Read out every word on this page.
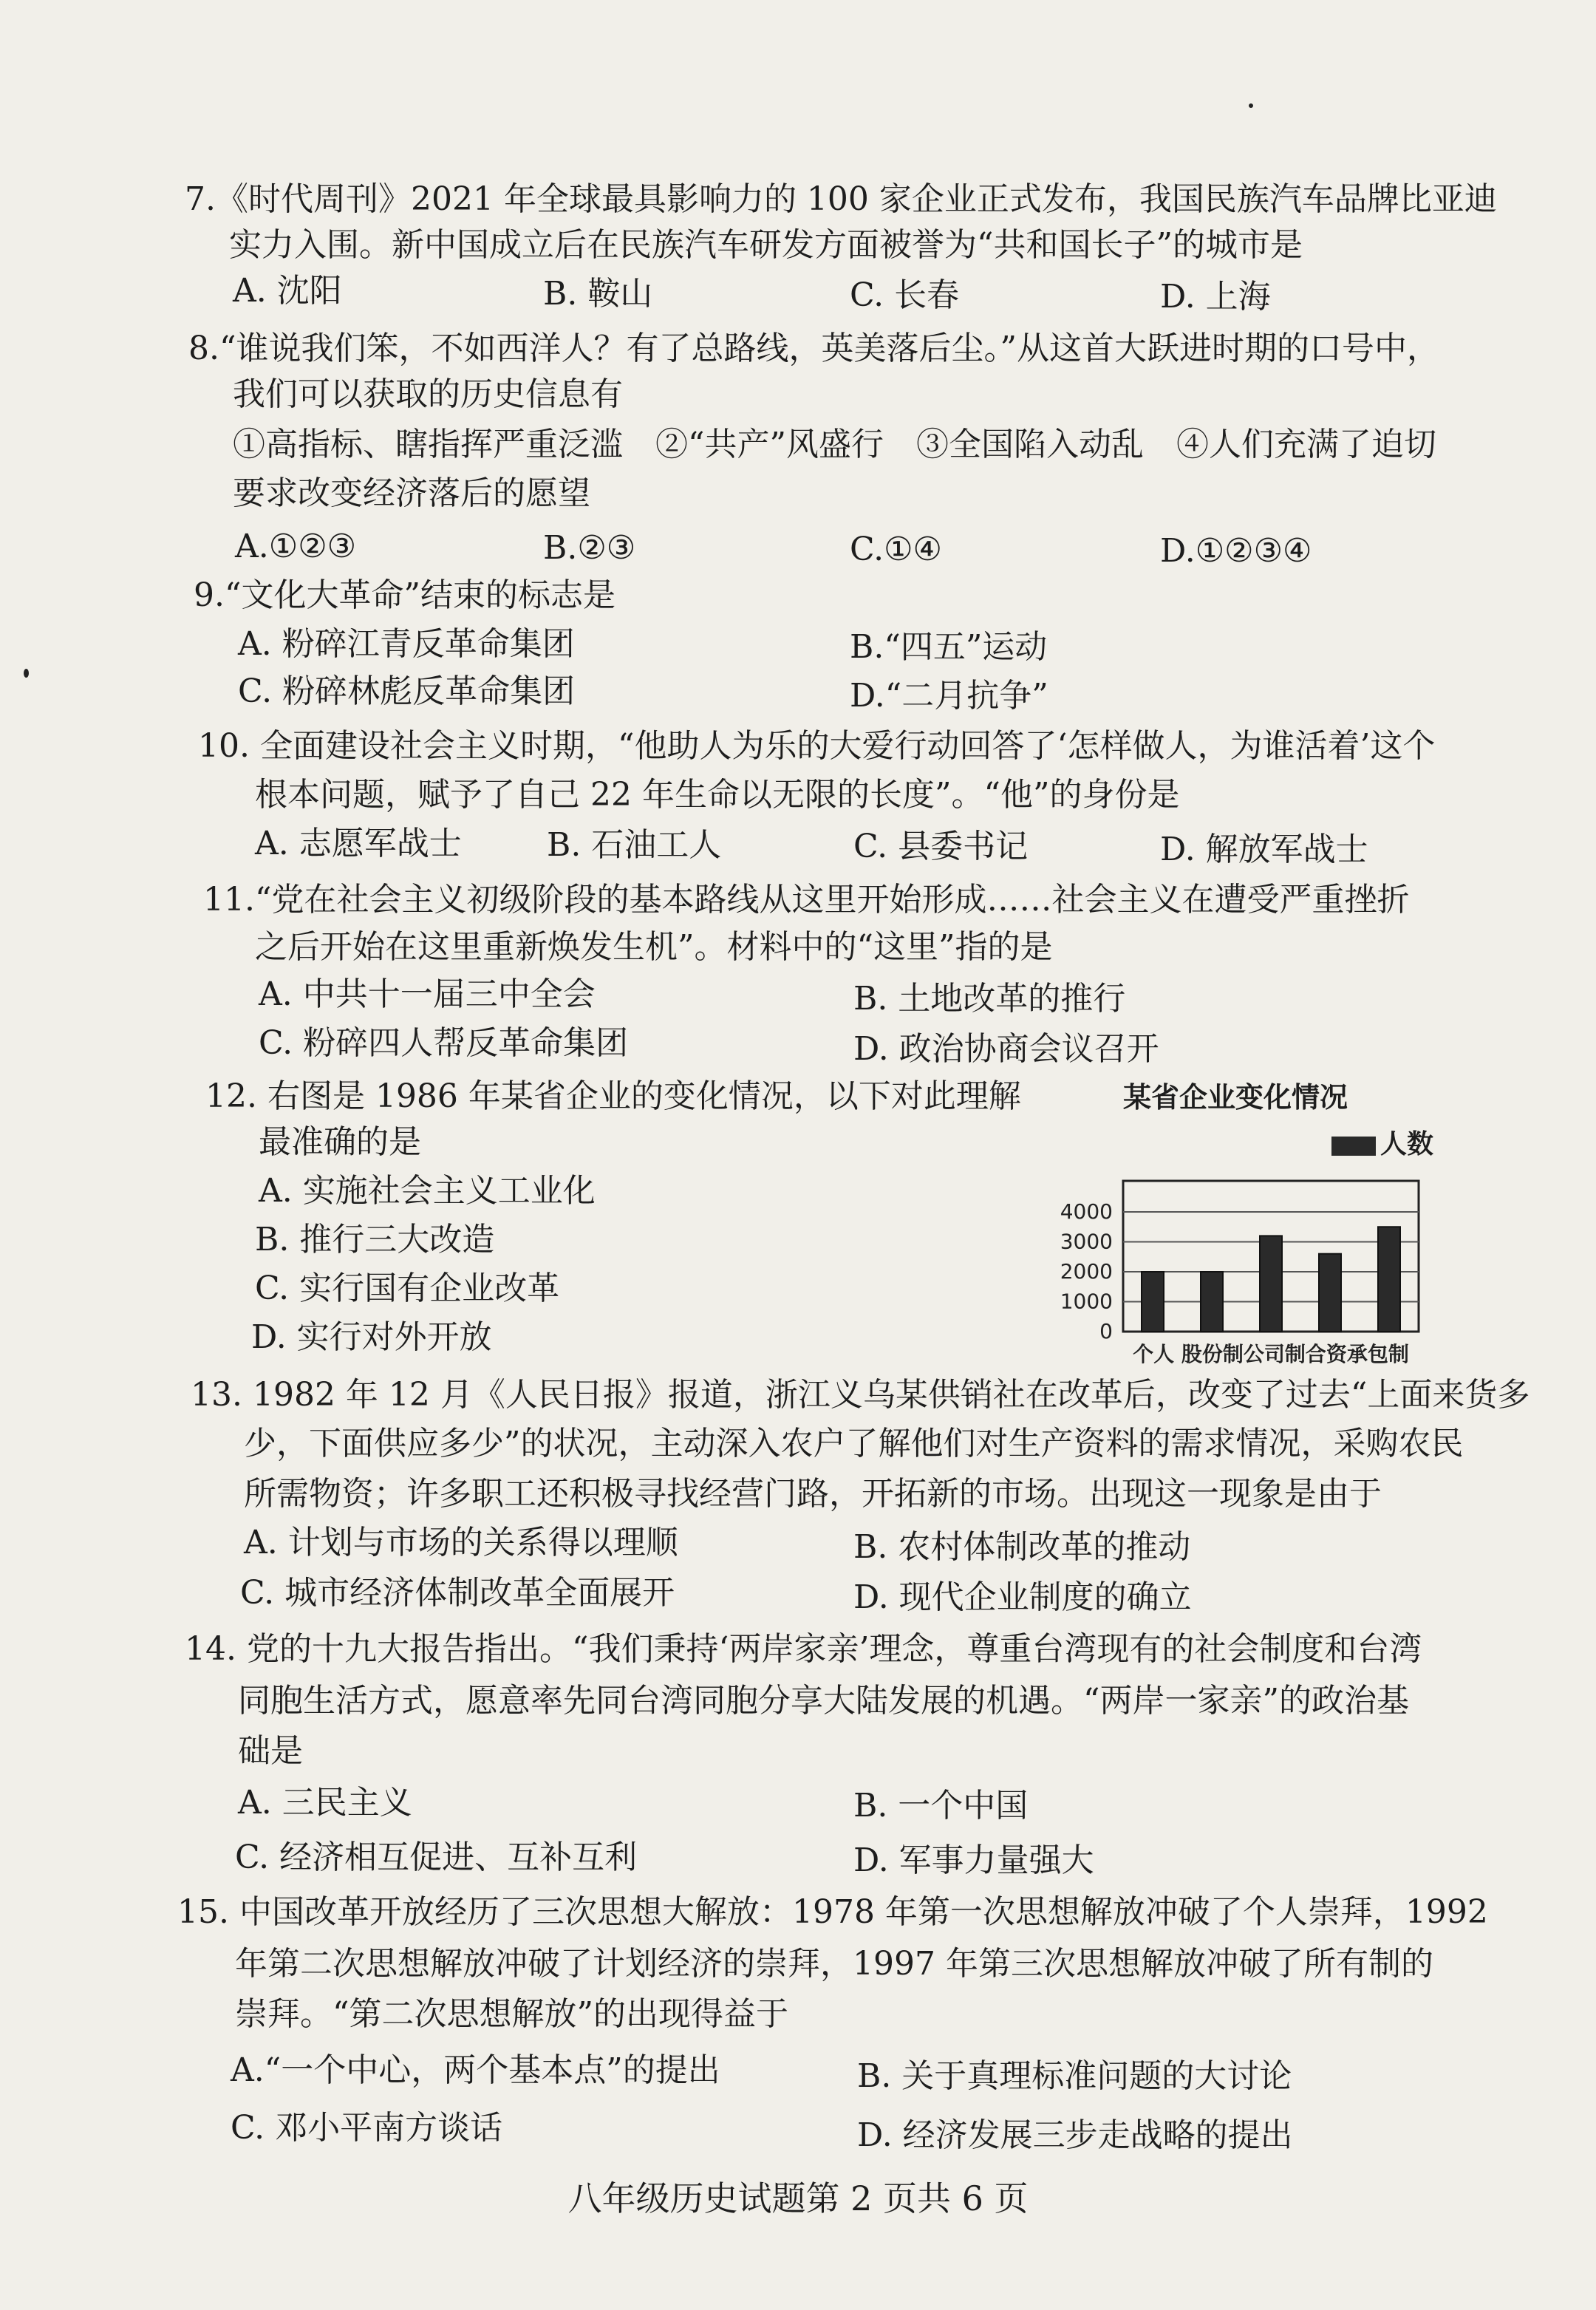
7.《时代周刊》2021 年全球最具影响力的 100 家企业正式发布，我国民族汽车品牌比亚迪
实力入围。新中国成立后在民族汽车研发方面被誉为“共和国长子”的城市是
A. 沈阳	B. 鞍山	C. 长春	D. 上海
8.“谁说我们笨，不如西洋人？有了总路线，英美落后尘。”从这首大跃进时期的口号中，
我们可以获取的历史信息有
①高指标、瞎指挥严重泛滥　②“共产”风盛行　③全国陷入动乱　④人们充满了迫切
要求改变经济落后的愿望
A.①②③	B.②③	C.①④	D.①②③④
9.“文化大革命”结束的标志是
A. 粉碎江青反革命集团	B.“四五”运动
C. 粉碎林彪反革命集团	D.“二月抗争”
10. 全面建设社会主义时期，“他助人为乐的大爱行动回答了‘怎样做人，为谁活着’这个
根本问题，赋予了自己 22 年生命以无限的长度”。“他”的身份是
A. 志愿军战士	B. 石油工人	C. 县委书记	D. 解放军战士
11.“党在社会主义初级阶段的基本路线从这里开始形成……社会主义在遭受严重挫折
之后开始在这里重新焕发生机”。材料中的“这里”指的是
A. 中共十一届三中全会	B. 土地改革的推行
C. 粉碎四人帮反革命集团	D. 政治协商会议召开
12. 右图是 1986 年某省企业的变化情况，以下对此理解
最准确的是
A. 实施社会主义工业化
B. 推行三大改造
C. 实行国有企业改革
D. 实行对外开放
某省企业变化情况
人数
4000
3000
2000
1000
0
个人 股份制公司制合资承包制
13. 1982 年 12 月《人民日报》报道，浙江义乌某供销社在改革后，改变了过去“上面来货多
少，下面供应多少”的状况，主动深入农户了解他们对生产资料的需求情况，采购农民
所需物资；许多职工还积极寻找经营门路，开拓新的市场。出现这一现象是由于
A. 计划与市场的关系得以理顺	B. 农村体制改革的推动
C. 城市经济体制改革全面展开	D. 现代企业制度的确立
14. 党的十九大报告指出。“我们秉持‘两岸家亲’理念，尊重台湾现有的社会制度和台湾
同胞生活方式，愿意率先同台湾同胞分享大陆发展的机遇。“两岸一家亲”的政治基
础是
A. 三民主义	B. 一个中国
C. 经济相互促进、互补互利	D. 军事力量强大
15. 中国改革开放经历了三次思想大解放：1978 年第一次思想解放冲破了个人崇拜，1992
年第二次思想解放冲破了计划经济的崇拜，1997 年第三次思想解放冲破了所有制的
崇拜。“第二次思想解放”的出现得益于
A.“一个中心，两个基本点”的提出	B. 关于真理标准问题的大讨论
C. 邓小平南方谈话	D. 经济发展三步走战略的提出
八年级历史试题第 2 页共 6 页
